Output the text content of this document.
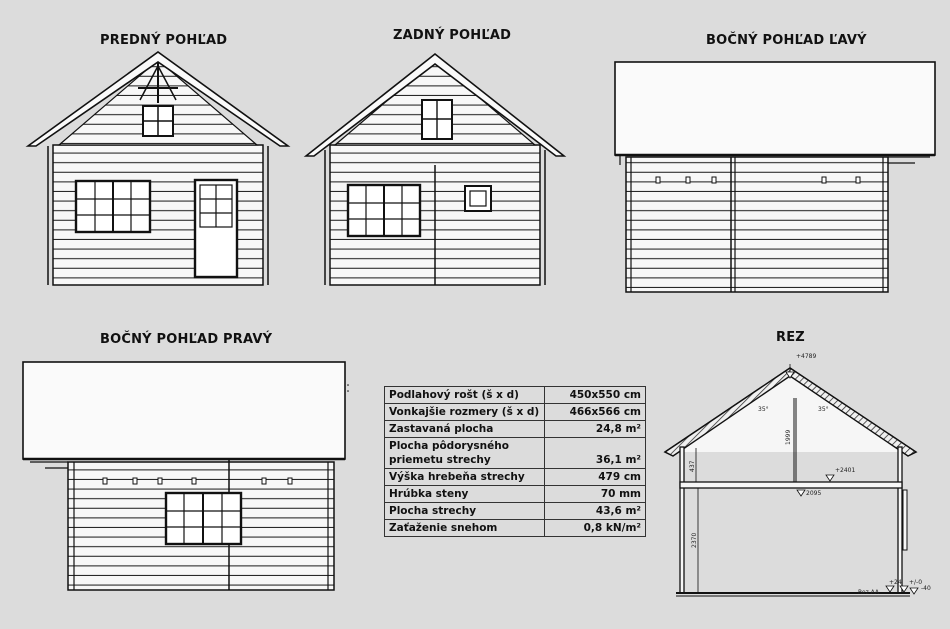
PREDNÝ POHĽAD	ZADNÝ POHĽAD	BOČNÝ POHĽAD ĽAVÝ
BOČNÝ POHĽAD PRAVÝ	REZ
+4789
35°	35°
+2401
2095
1999
437
2370
+24 +/-0
-40
Rez AA
Podlahový rošt (š x d)	450x550 cm
Vonkajšie rozmery (š x d)	466x566 cm
Zastavaná plocha	24,8 m²
Plocha pôdorysného priemetu strechy	36,1 m²
Výška hrebeňa strechy	479 cm
Hrúbka steny	70 mm
Plocha strechy	43,6 m²
Zaťaženie snehom	0,8 kN/m²
